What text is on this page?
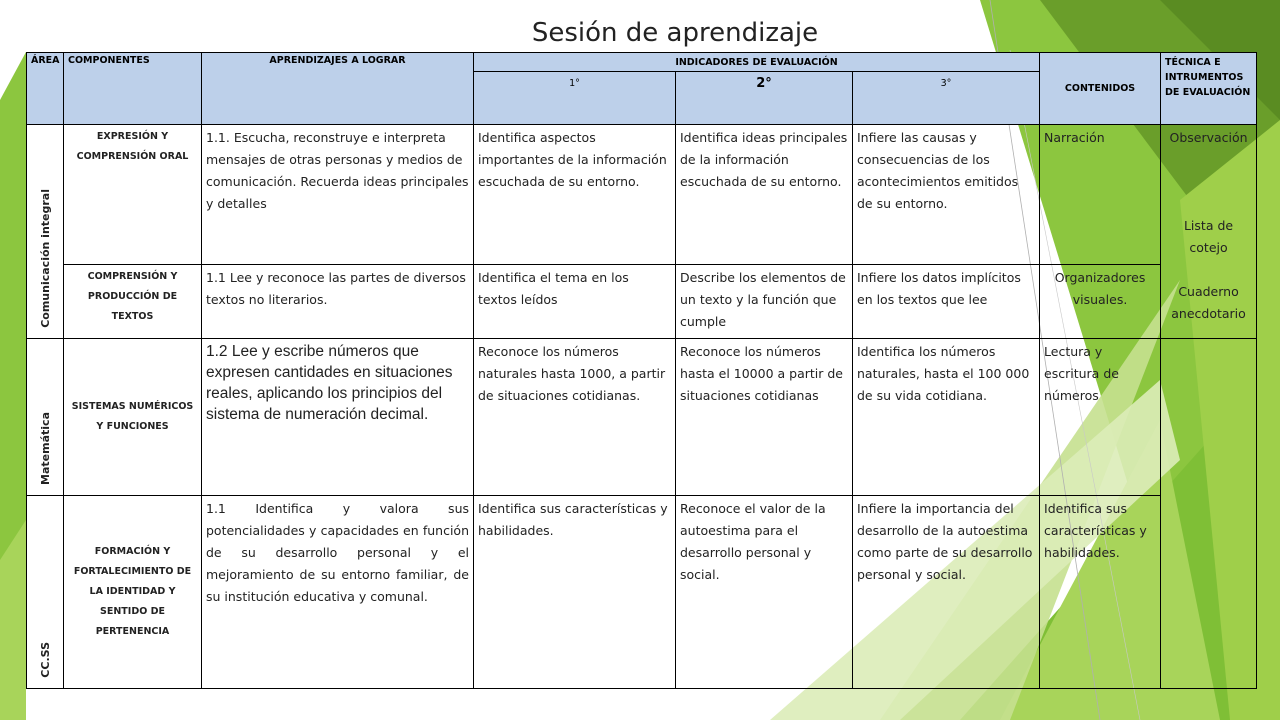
Sesión de aprendizaje
ÁREA	COMPONENTES	APRENDIZAJES A LOGRAR	INDICADORES DE EVALUACIÓN			CONTENIDOS	TÉCNICA E INTRUMENTOS DE EVALUACIÓN
			1°	2°	3°		

Comunicación integral	EXPRESIÓN Y COMPRENSIÓN ORAL	1.1. Escucha, reconstruye e interpreta mensajes de otras personas y medios de comunicación. Recuerda ideas principales y detalles	Identifica aspectos importantes de la información escuchada de su entorno.	Identifica ideas principales de la información escuchada de su entorno.	Infiere las causas y consecuencias de los acontecimientos emitidos de su entorno.	Narración	Observación
Lista de cotejo
Cuaderno anecdotario

	COMPRENSIÓN Y PRODUCCIÓN DE TEXTOS	1.1 Lee y reconoce las partes de diversos textos no literarios.	Identifica el tema en los textos leídos	Describe los elementos de un texto y la función que cumple	Infiere los datos implícitos en los textos que lee	Organizadores visuales.	

Matemática	SISTEMAS NUMÉRICOS Y FUNCIONES	1.2 Lee y escribe números que expresen cantidades en situaciones reales, aplicando los principios del sistema de numeración decimal.	Reconoce los números naturales hasta 1000, a partir de situaciones cotidianas.	Reconoce los números hasta el 10000 a partir de situaciones cotidianas	Identifica los números naturales, hasta el 100 000 de su vida cotidiana.	Lectura y escritura de números	

CC.SS	FORMACIÓN Y FORTALECIMIENTO DE LA IDENTIDAD Y SENTIDO DE PERTENENCIA	1.1 Identifica y valora sus potencialidades y capacidades en función de su desarrollo personal y el mejoramiento de su entorno familiar, de su institución educativa y comunal.	Identifica sus características y habilidades.	Reconoce el valor de la autoestima para el desarrollo personal y social.	Infiere la importancia del desarrollo de la autoestima como parte de su desarrollo personal y social.	Identifica sus características y habilidades.	
